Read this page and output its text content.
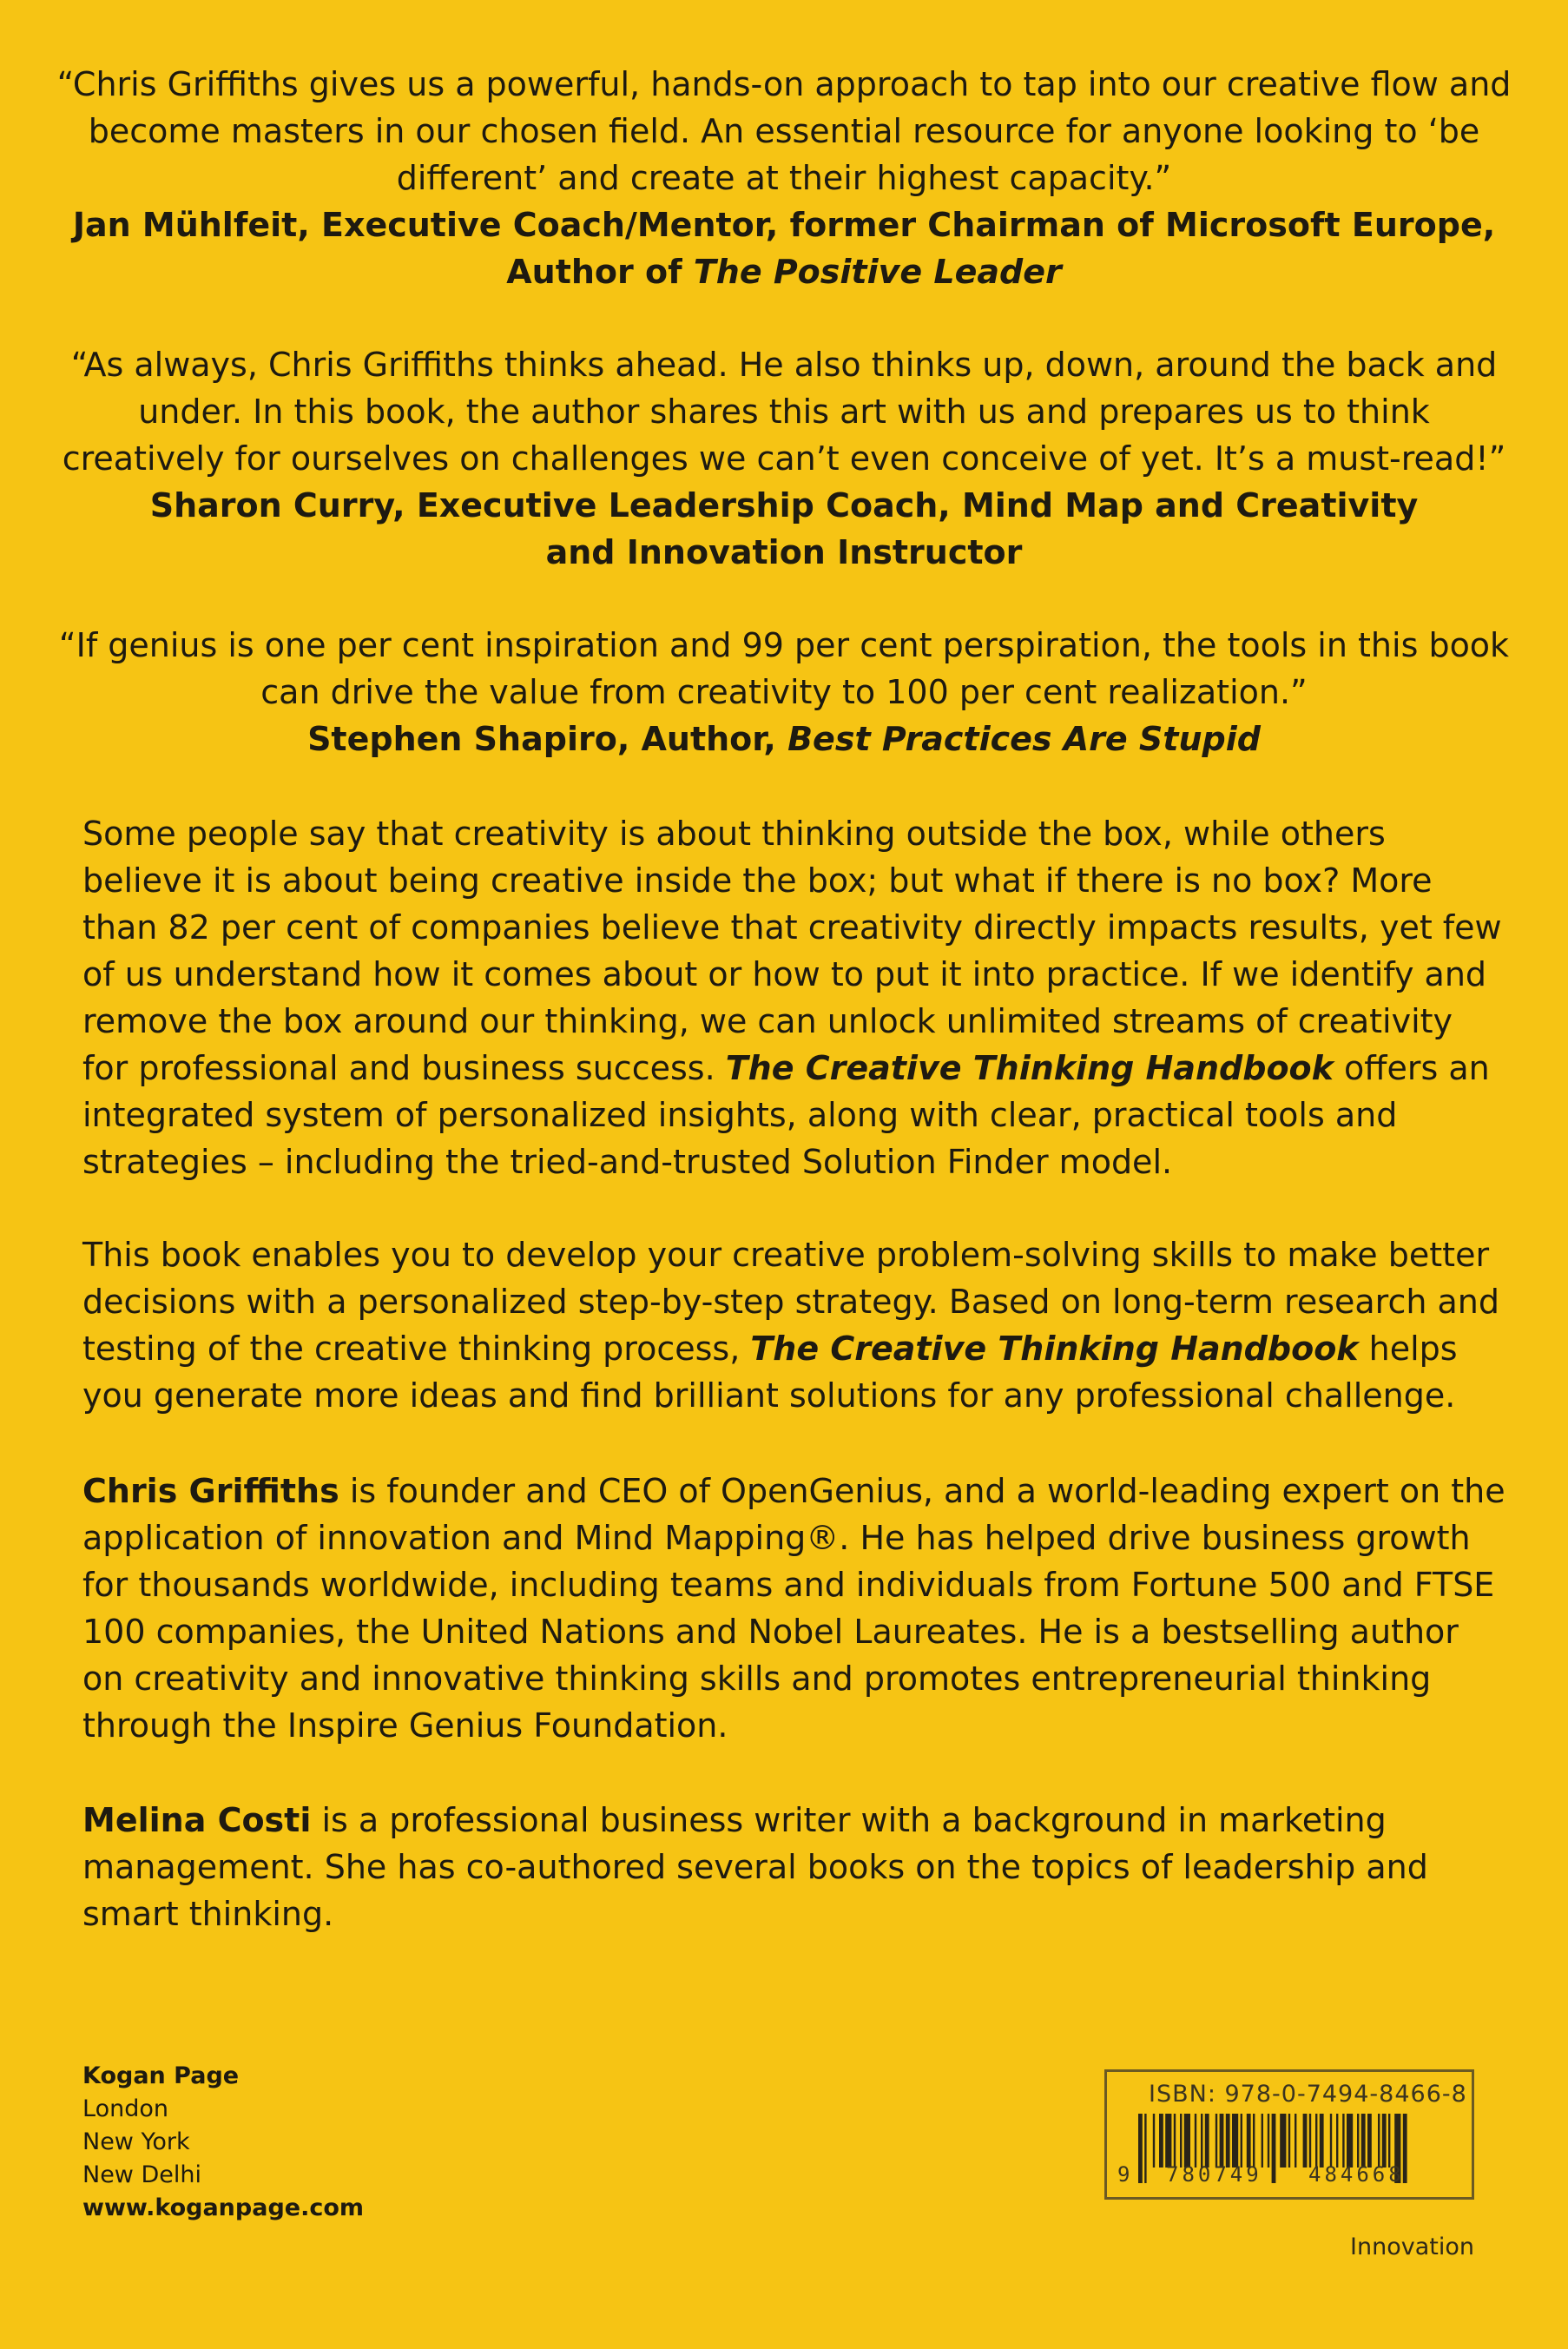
“Chris Griffiths gives us a powerful, hands-on approach to tap into our creative flow and become masters in our chosen field. An essential resource for anyone looking to ‘be different’ and create at their highest capacity.”
Jan Mühlfeit, Executive Coach/Mentor, former Chairman of Microsoft Europe,
Author of The Positive Leader
“As always, Chris Griffiths thinks ahead. He also thinks up, down, around the back and under. In this book, the author shares this art with us and prepares us to think creatively for ourselves on challenges we can’t even conceive of yet. It’s a must-read!”
Sharon Curry, Executive Leadership Coach, Mind Map and Creativity
and Innovation Instructor
“If genius is one per cent inspiration and 99 per cent perspiration, the tools in this book can drive the value from creativity to 100 per cent realization.”
Stephen Shapiro, Author, Best Practices Are Stupid
Some people say that creativity is about thinking outside the box, while others believe it is about being creative inside the box; but what if there is no box? More than 82 per cent of companies believe that creativity directly impacts results, yet few of us understand how it comes about or how to put it into practice. If we identify and remove the box around our thinking, we can unlock unlimited streams of creativity for professional and business success. The Creative Thinking Handbook offers an integrated system of personalized insights, along with clear, practical tools and strategies – including the tried-and-trusted Solution Finder model.
This book enables you to develop your creative problem-solving skills to make better decisions with a personalized step-by-step strategy. Based on long-term research and testing of the creative thinking process, The Creative Thinking Handbook helps you generate more ideas and find brilliant solutions for any professional challenge.
Chris Griffiths is founder and CEO of OpenGenius, and a world-leading expert on the application of innovation and Mind Mapping®. He has helped drive business growth for thousands worldwide, including teams and individuals from Fortune 500 and FTSE 100 companies, the United Nations and Nobel Laureates. He is a bestselling author on creativity and innovative thinking skills and promotes entrepreneurial thinking through the Inspire Genius Foundation.
Melina Costi is a professional business writer with a background in marketing management. She has co-authored several books on the topics of leadership and smart thinking.
Kogan Page
London
New York
New Delhi
www.koganpage.com
ISBN: 978-0-7494-8466-8
9 780749 484668
Innovation
